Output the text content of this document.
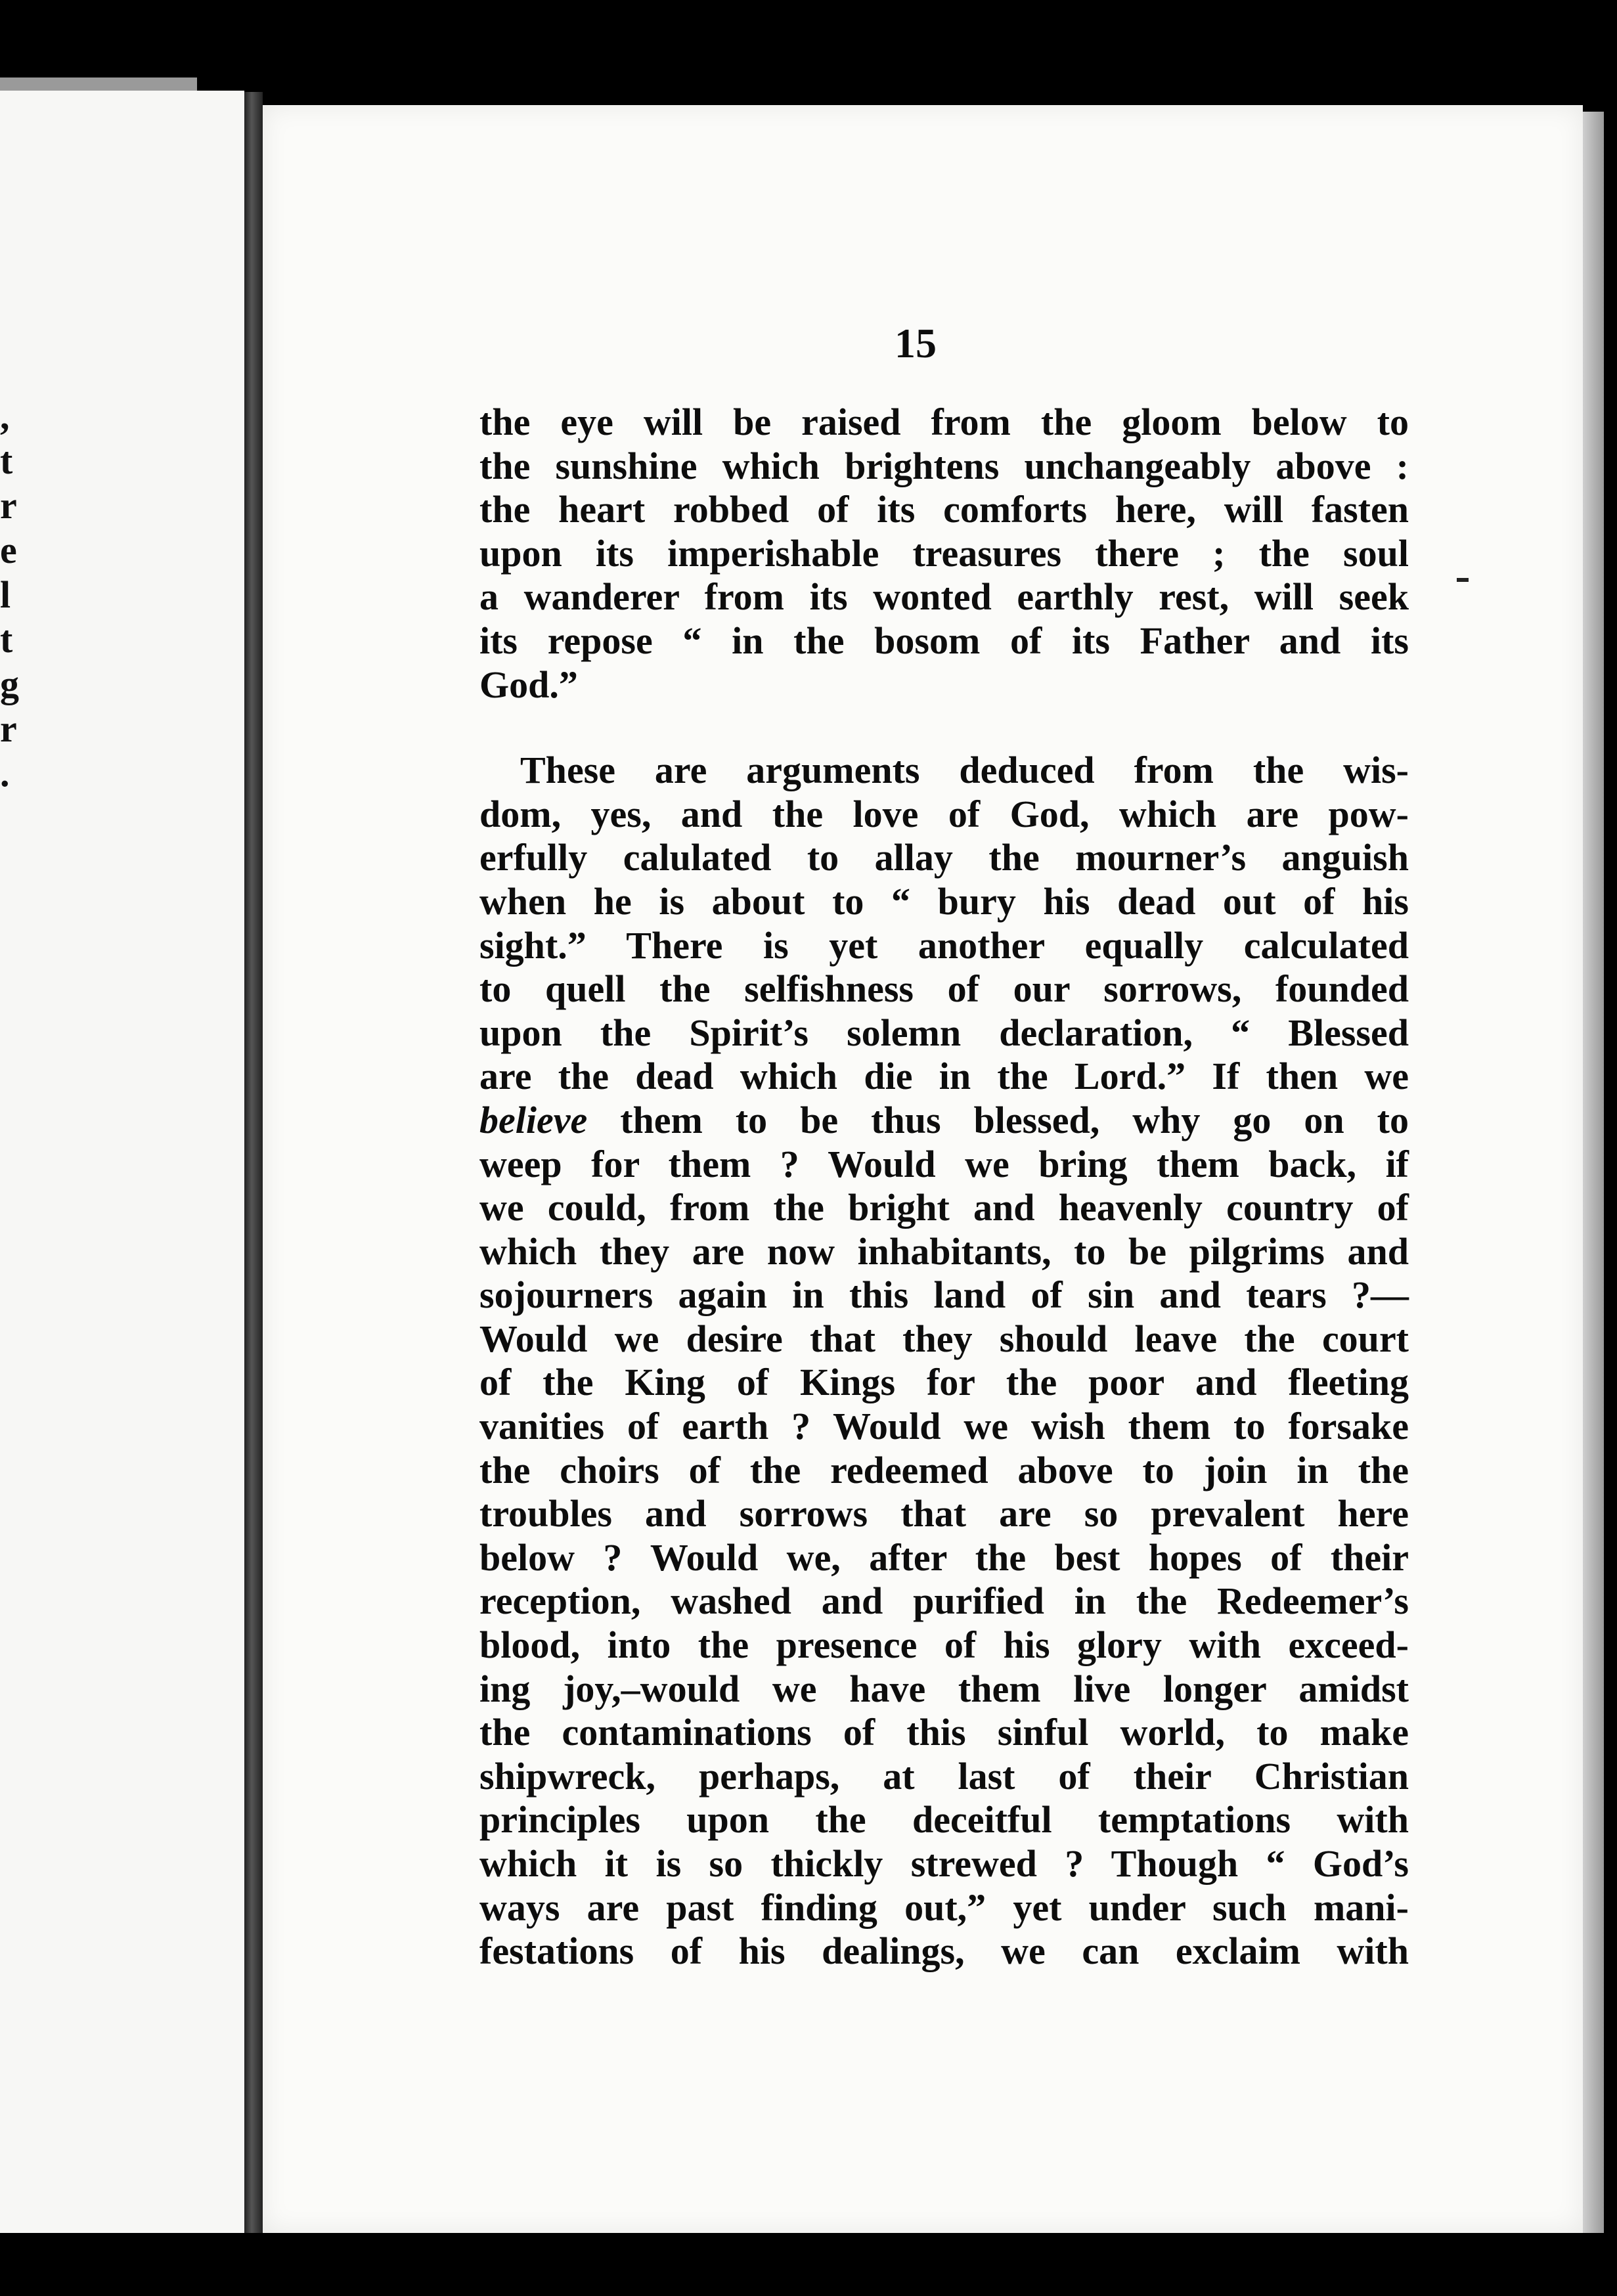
,
t
r
e
l
t
g
r
.
15
the eye will be raised from the gloom below to
the sunshine which brightens unchangeably above :
the heart robbed of its comforts here, will fasten
upon its imperishable treasures there ; the soul
a wanderer from its wonted earthly rest, will seek
its repose “ in the bosom of its Father and its
God.”
These are arguments deduced from the wis-
dom, yes, and the love of God, which are pow-
erfully calulated to allay the mourner’s anguish
when he is about to “ bury his dead out of his
sight.” There is yet another equally calculated
to quell the selfishness of our sorrows, founded
upon the Spirit’s solemn declaration, “ Blessed
are the dead which die in the Lord.” If then we
believe them to be thus blessed, why go on to
weep for them ? Would we bring them back, if
we could, from the bright and heavenly country of
which they are now inhabitants, to be pilgrims and
sojourners again in this land of sin and tears ?—
Would we desire that they should leave the court
of the King of Kings for the poor and fleeting
vanities of earth ? Would we wish them to forsake
the choirs of the redeemed above to join in the
troubles and sorrows that are so prevalent here
below ? Would we, after the best hopes of their
reception, washed and purified in the Redeemer’s
blood, into the presence of his glory with exceed-
ing joy,–would we have them live longer amidst
the contaminations of this sinful world, to make
shipwreck, perhaps, at last of their Christian
principles upon the deceitful temptations with
which it is so thickly strewed ? Though “ God’s
ways are past finding out,” yet under such mani-
festations of his dealings, we can exclaim with
